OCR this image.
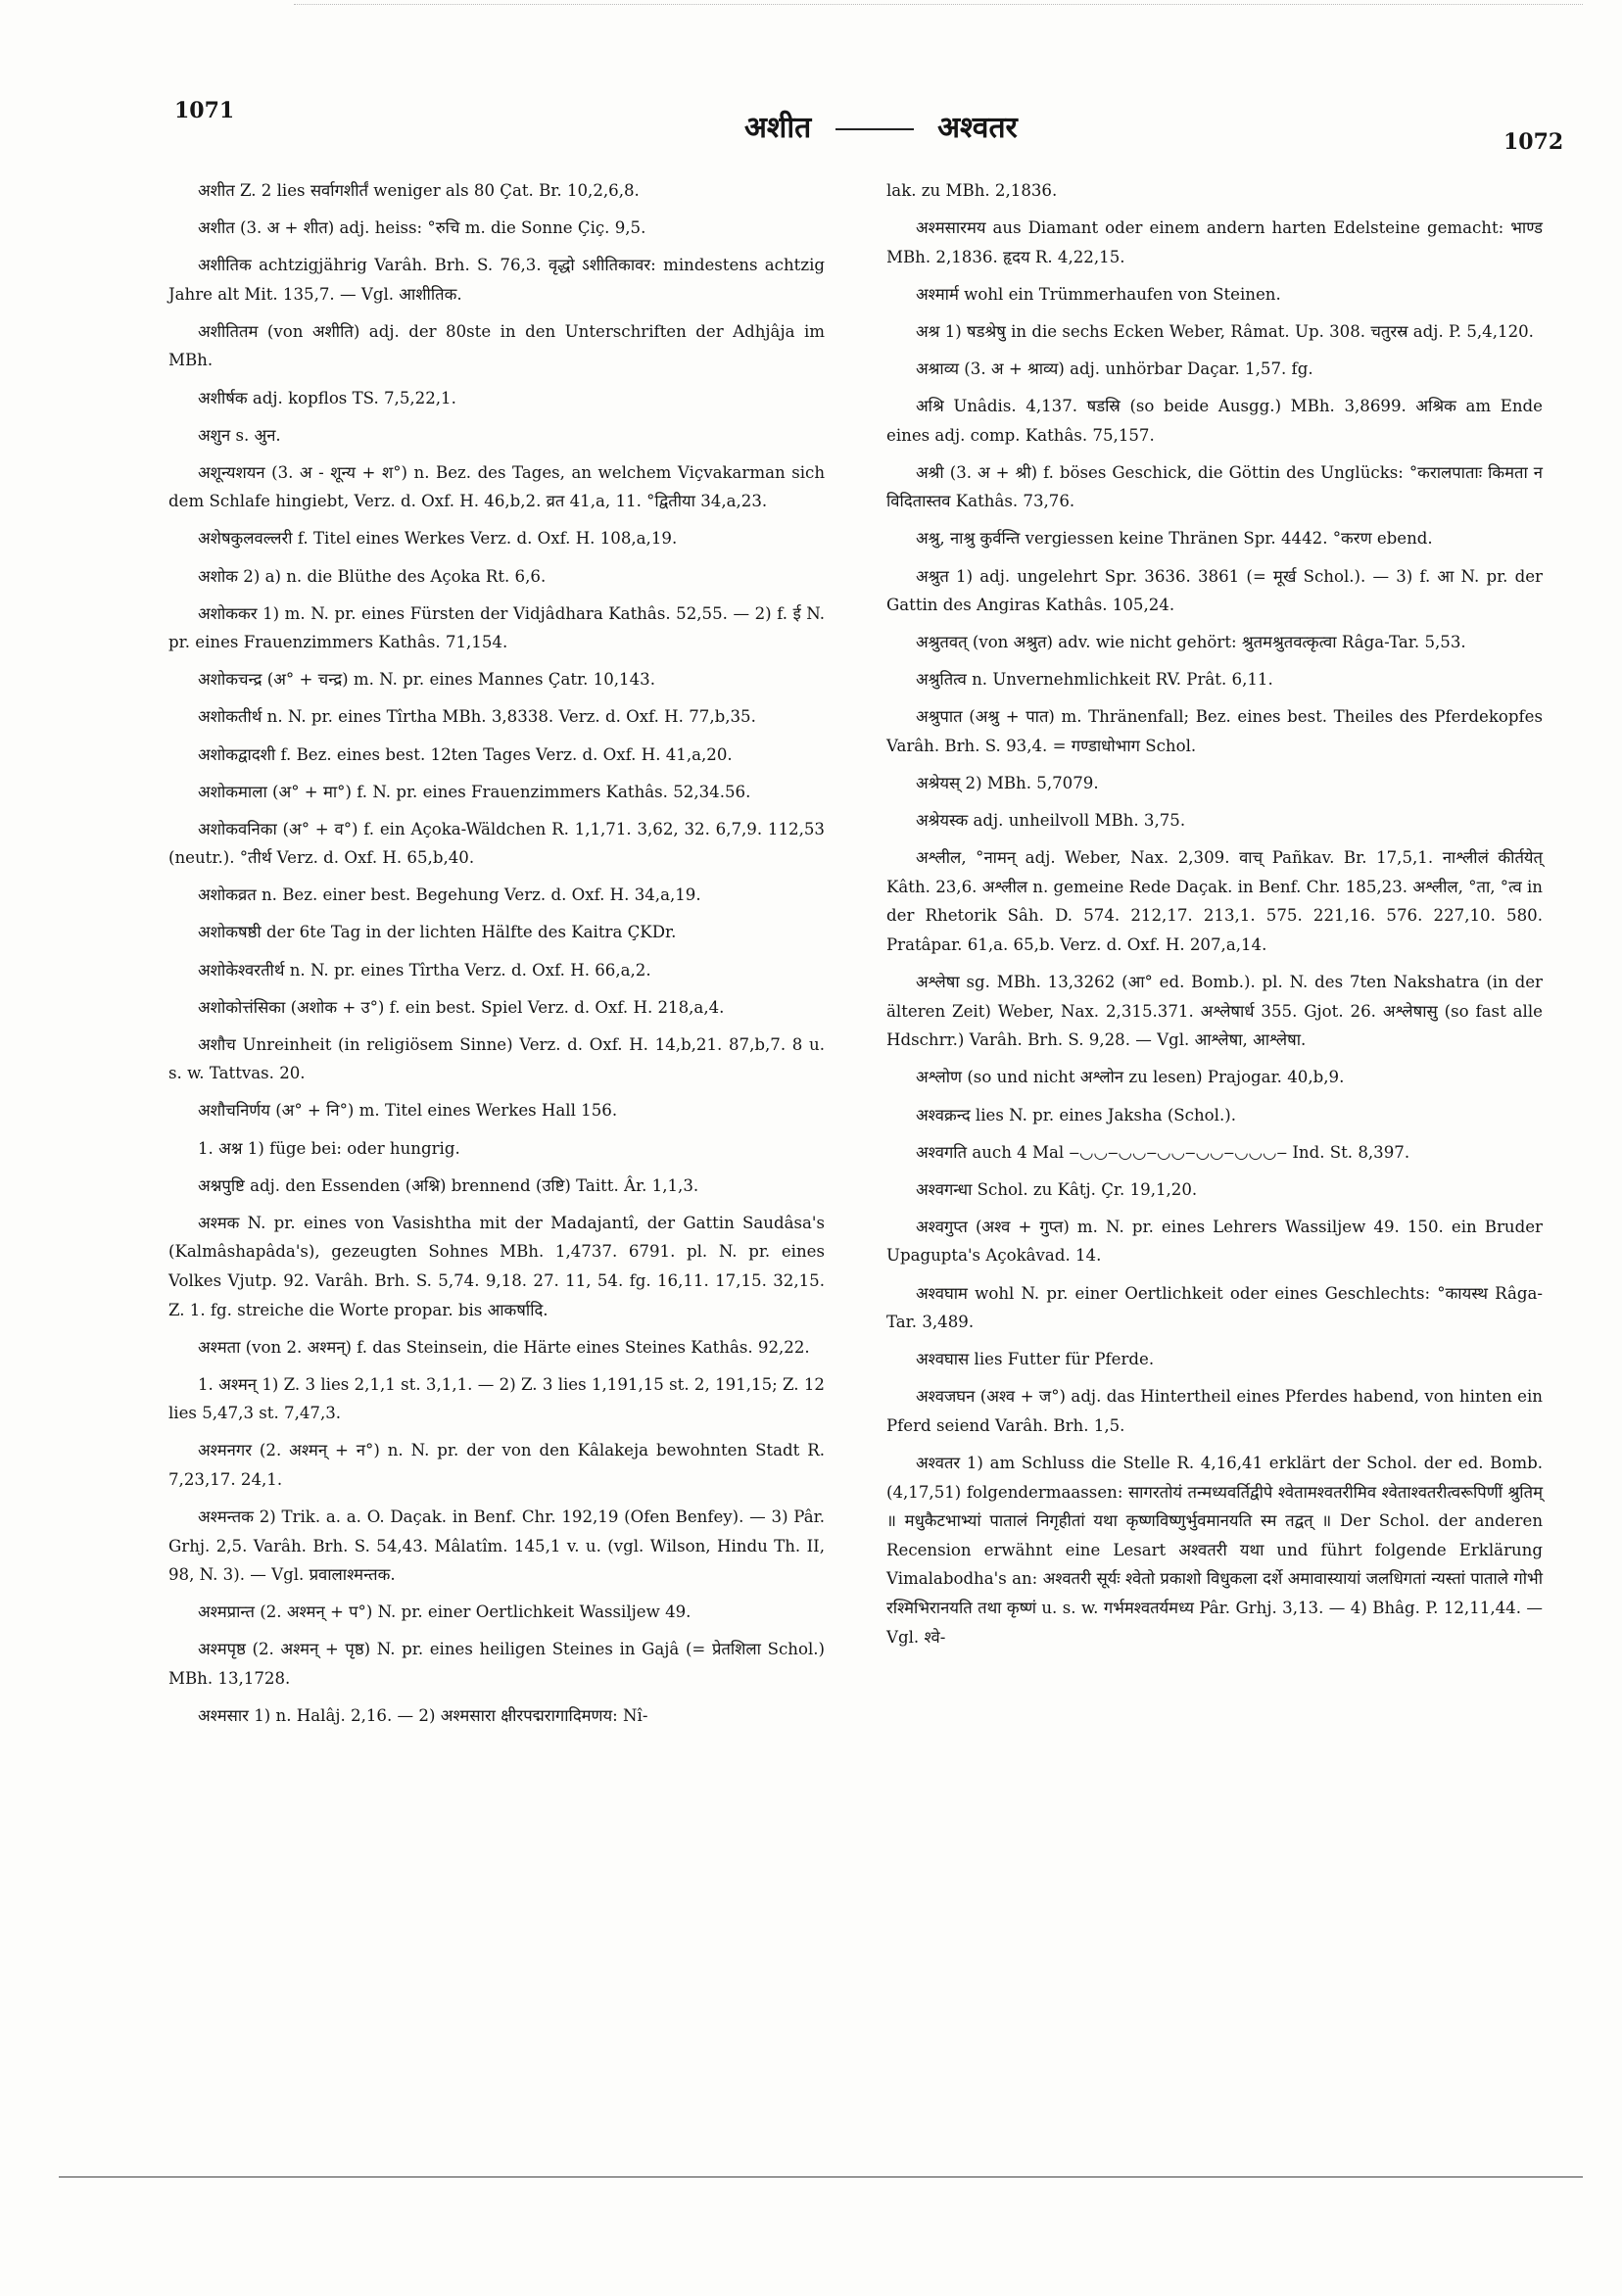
1071	अशीत	अश्वतर	1072

अशीत Z. 2 lies सर्वागशीर्तं weniger als 80 Çat. Br. 10,2,6,8.

अशीत (3. अ + शीत) adj. heiss: °रुचि m. die Sonne Çiç. 9,5.

अशीतिक achtzigjährig Varâh. Brh. S. 76,3. वृद्धो ऽशीतिकावर: mindestens achtzig Jahre alt Mit. 135,7. — Vgl. आशीतिक.

अशीतितम (von अशीति) adj. der 80ste in den Unterschriften der Adhjâja im MBh.

अशीर्षक adj. kopflos TS. 7,5,22,1.

अशुन s. अुन.

अशून्यशयन (3. अ - शून्य + श°) n. Bez. des Tages, an welchem Viçvakarman sich dem Schlafe hingiebt, Verz. d. Oxf. H. 46,b,2. व्रत 41,a, 11. °द्वितीया 34,a,23.

अशेषकुलवल्लरी f. Titel eines Werkes Verz. d. Oxf. H. 108,a,19.

अशोक 2) a) n. die Blüthe des Açoka Rt. 6,6.

अशोककर 1) m. N. pr. eines Fürsten der Vidjâdhara Kathâs. 52,55. — 2) f. ई N. pr. eines Frauenzimmers Kathâs. 71,154.

अशोकचन्द्र (अ° + चन्द्र) m. N. pr. eines Mannes Çatr. 10,143.

अशोकतीर्थ n. N. pr. eines Tîrtha MBh. 3,8338. Verz. d. Oxf. H. 77,b,35.

अशोकद्वादशी f. Bez. eines best. 12ten Tages Verz. d. Oxf. H. 41,a,20.

अशोकमाला (अ° + मा°) f. N. pr. eines Frauenzimmers Kathâs. 52,34.56.

अशोकवनिका (अ° + व°) f. ein Açoka-Wäldchen R. 1,1,71. 3,62, 32. 6,7,9. 112,53 (neutr.). °तीर्थ Verz. d. Oxf. H. 65,b,40.

अशोकव्रत n. Bez. einer best. Begehung Verz. d. Oxf. H. 34,a,19.

अशोकषष्ठी der 6te Tag in der lichten Hälfte des Kaitra ÇKDr.

अशोकेश्वरतीर्थ n. N. pr. eines Tîrtha Verz. d. Oxf. H. 66,a,2.

अशोकोत्तंसिका (अशोक + उ°) f. ein best. Spiel Verz. d. Oxf. H. 218,a,4.

अशौच Unreinheit (in religiösem Sinne) Verz. d. Oxf. H. 14,b,21. 87,b,7. 8 u. s. w. Tattvas. 20.

अशौचनिर्णय (अ° + नि°) m. Titel eines Werkes Hall 156.

1. अश्न 1) füge bei: oder hungrig.

अश्नपुष्टि adj. den Essenden (अश्नि) brennend (उष्टि) Taitt. Âr. 1,1,3.

अश्मक N. pr. eines von Vasishtha mit der Madajantî, der Gattin Saudâsa's (Kalmâshapâda's), gezeugten Sohnes MBh. 1,4737. 6791. pl. N. pr. eines Volkes Vjutp. 92. Varâh. Brh. S. 5,74. 9,18. 27. 11, 54. fg. 16,11. 17,15. 32,15. Z. 1. fg. streiche die Worte propar. bis आकर्षादि.

अश्मता (von 2. अश्मन्) f. das Steinsein, die Härte eines Steines Kathâs. 92,22.

1. अश्मन् 1) Z. 3 lies 2,1,1 st. 3,1,1. — 2) Z. 3 lies 1,191,15 st. 2, 191,15; Z. 12 lies 5,47,3 st. 7,47,3.

अश्मनगर (2. अश्मन् + न°) n. N. pr. der von den Kâlakeja bewohnten Stadt R. 7,23,17. 24,1.

अश्मन्तक 2) Trik. a. a. O. Daçak. in Benf. Chr. 192,19 (Ofen Benfey). — 3) Pâr. Grhj. 2,5. Varâh. Brh. S. 54,43. Mâlatîm. 145,1 v. u. (vgl. Wilson, Hindu Th. II, 98, N. 3). — Vgl. प्रवालाश्मन्तक.

अश्मप्रान्त (2. अश्मन् + प°) N. pr. einer Oertlichkeit Wassiljew 49.

अश्मपृष्ठ (2. अश्मन् + पृष्ठ) N. pr. eines heiligen Steines in Gajâ (= प्रेतशिला Schol.) MBh. 13,1728.

अश्मसार 1) n. Halâj. 2,16. — 2) अश्मसारा क्षीरपद्मरागादिमणय: Nî-

lak. zu MBh. 2,1836.

अश्मसारमय aus Diamant oder einem andern harten Edelsteine gemacht: भाण्ड MBh. 2,1836. हृदय R. 4,22,15.

अश्मार्म wohl ein Trümmerhaufen von Steinen.

अश्र 1) षडश्रेषु in die sechs Ecken Weber, Râmat. Up. 308. चतुरस्र adj. P. 5,4,120.

अश्राव्य (3. अ + श्राव्य) adj. unhörbar Daçar. 1,57. fg.

अश्रि Unâdis. 4,137. षडस्रि (so beide Ausgg.) MBh. 3,8699. अश्रिक am Ende eines adj. comp. Kathâs. 75,157.

अश्री (3. अ + श्री) f. böses Geschick, die Göttin des Unglücks: °करालपाताः किमता न विदितास्तव Kathâs. 73,76.

अश्रु, नाश्रु कुर्वन्ति vergiessen keine Thränen Spr. 4442. °करण ebend.

अश्रुत 1) adj. ungelehrt Spr. 3636. 3861 (= मूर्ख Schol.). — 3) f. आ N. pr. der Gattin des Angiras Kathâs. 105,24.

अश्रुतवत् (von अश्रुत) adv. wie nicht gehört: श्रुतमश्रुतवत्कृत्वा Râga-Tar. 5,53.

अश्रुतित्व n. Unvernehmlichkeit RV. Prât. 6,11.

अश्रुपात (अश्रु + पात) m. Thränenfall; Bez. eines best. Theiles des Pferdekopfes Varâh. Brh. S. 93,4. = गण्डाधोभाग Schol.

अश्रेयस् 2) MBh. 5,7079.

अश्रेयस्क adj. unheilvoll MBh. 3,75.

अश्लील, °नामन् adj. Weber, Nax. 2,309. वाच् Pañkav. Br. 17,5,1. नाश्लीलं कीर्तयेत् Kâth. 23,6. अश्लील n. gemeine Rede Daçak. in Benf. Chr. 185,23. अश्लील, °ता, °त्व in der Rhetorik Sâh. D. 574. 212,17. 213,1. 575. 221,16. 576. 227,10. 580. Pratâpar. 61,a. 65,b. Verz. d. Oxf. H. 207,a,14.

अश्लेषा sg. MBh. 13,3262 (आ° ed. Bomb.). pl. N. des 7ten Nakshatra (in der älteren Zeit) Weber, Nax. 2,315.371. अश्लेषार्ध 355. Gjot. 26. अश्लेषासु (so fast alle Hdschrr.) Varâh. Brh. S. 9,28. — Vgl. आश्लेषा, आश्लेषा.

अश्लोण (so und nicht अश्लोन zu lesen) Prajogar. 40,b,9.

अश्वक्रन्द lies N. pr. eines Jaksha (Schol.).

अश्वगति auch 4 Mal ‒◡◡‒◡◡‒◡◡‒◡◡‒◡◡◡‒ Ind. St. 8,397.

अश्वगन्धा Schol. zu Kâtj. Çr. 19,1,20.

अश्वगुप्त (अश्व + गुप्त) m. N. pr. eines Lehrers Wassiljew 49. 150. ein Bruder Upagupta's Açokâvad. 14.

अश्वघाम wohl N. pr. einer Oertlichkeit oder eines Geschlechts: °कायस्थ Râga-Tar. 3,489.

अश्वघास lies Futter für Pferde.

अश्वजघन (अश्व + ज°) adj. das Hintertheil eines Pferdes habend, von hinten ein Pferd seiend Varâh. Brh. 1,5.

अश्वतर 1) am Schluss die Stelle R. 4,16,41 erklärt der Schol. der ed. Bomb. (4,17,51) folgendermaassen: सागरतोयं तन्मध्यवर्तिद्वीपे श्वेतामश्वतरीमिव श्वेताश्वतरीत्वरूपिणीं श्रुतिम् ॥ मधुकैटभाभ्यां पातालं निगृहीतां यथा कृष्णविष्णुर्भुवमानयति स्म तद्वत् ॥ Der Schol. der anderen Recension erwähnt eine Lesart अश्वतरी यथा und führt folgende Erklärung Vimalabodha's an: अश्वतरी सूर्यः श्वेतो प्रकाशो विधुकला दर्शे अमावास्यायां जलधिगतां न्यस्तां पाताले गोभी रश्मिभिरानयति तथा कृष्णं u. s. w. गर्भमश्वतर्यमध्य Pâr. Grhj. 3,13. — 4) Bhâg. P. 12,11,44. — Vgl. श्वे-
